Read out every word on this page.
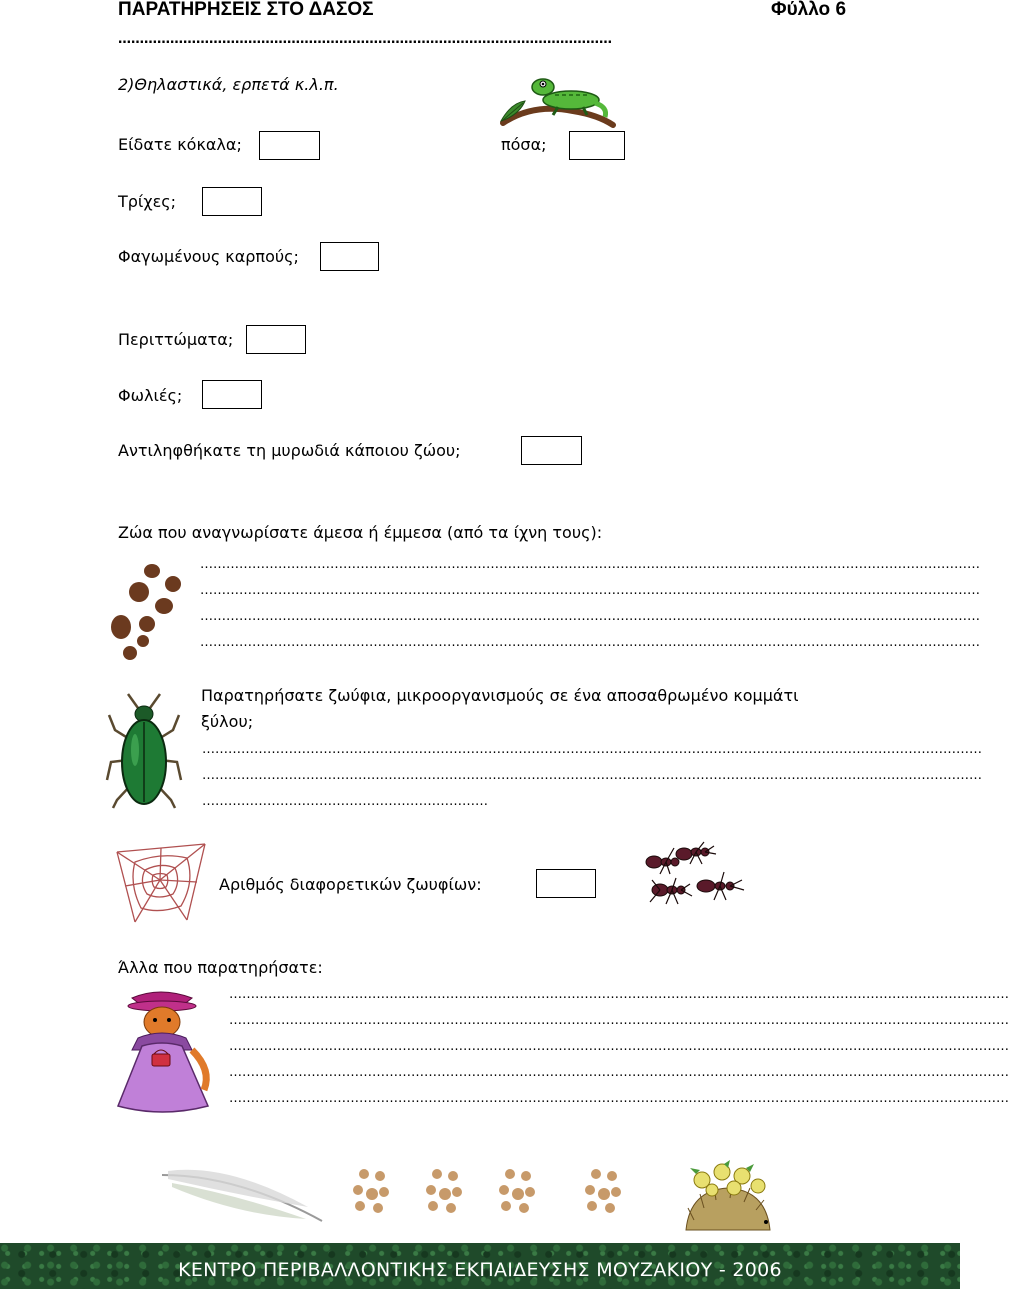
ΠΑΡΑΤΗΡΗΣΕΙΣ ΣΤΟ ΔΑΣΟΣ	Φύλλο 6
……………………………………………………………………………………………………
2)Θηλαστικά, ερπετά κ.λ.π.
Είδατε κόκαλα;	πόσα;
Τρίχες;
Φαγωμένους καρπούς;
Περιττώματα;
Φωλιές;
Αντιληφθήκατε τη μυρωδιά κάποιου ζώου;
Ζώα που αναγνωρίσατε άμεσα ή έμμεσα (από τα ίχνη τους):
………………………………………………………………………………………………………………………………………………………………
………………………………………………………………………………………………………………………………………………………………
………………………………………………………………………………………………………………………………………………………………
………………………………………………………………………………………………………………………………………………………………
Παρατηρήσατε ζωύφια, μικροοργανισμούς σε ένα αποσαθρωμένο κομμάτι
ξύλου;
………………………………………………………………………………………………………………………………………………………………
………………………………………………………………………………………………………………………………………………………………
…………………………………………………………
Αριθμός διαφορετικών ζωυφίων:
Άλλα που παρατηρήσατε:
………………………………………………………………………………………………………………………………………………………………
………………………………………………………………………………………………………………………………………………………………
………………………………………………………………………………………………………………………………………………………………
………………………………………………………………………………………………………………………………………………………………
………………………………………………………………………………………………………………………………………………………………
ΚΕΝΤΡΟ ΠΕΡΙΒΑΛΛΟΝΤΙΚΗΣ ΕΚΠΑΙΔΕΥΣΗΣ ΜΟΥΖΑΚΙΟΥ - 2006
